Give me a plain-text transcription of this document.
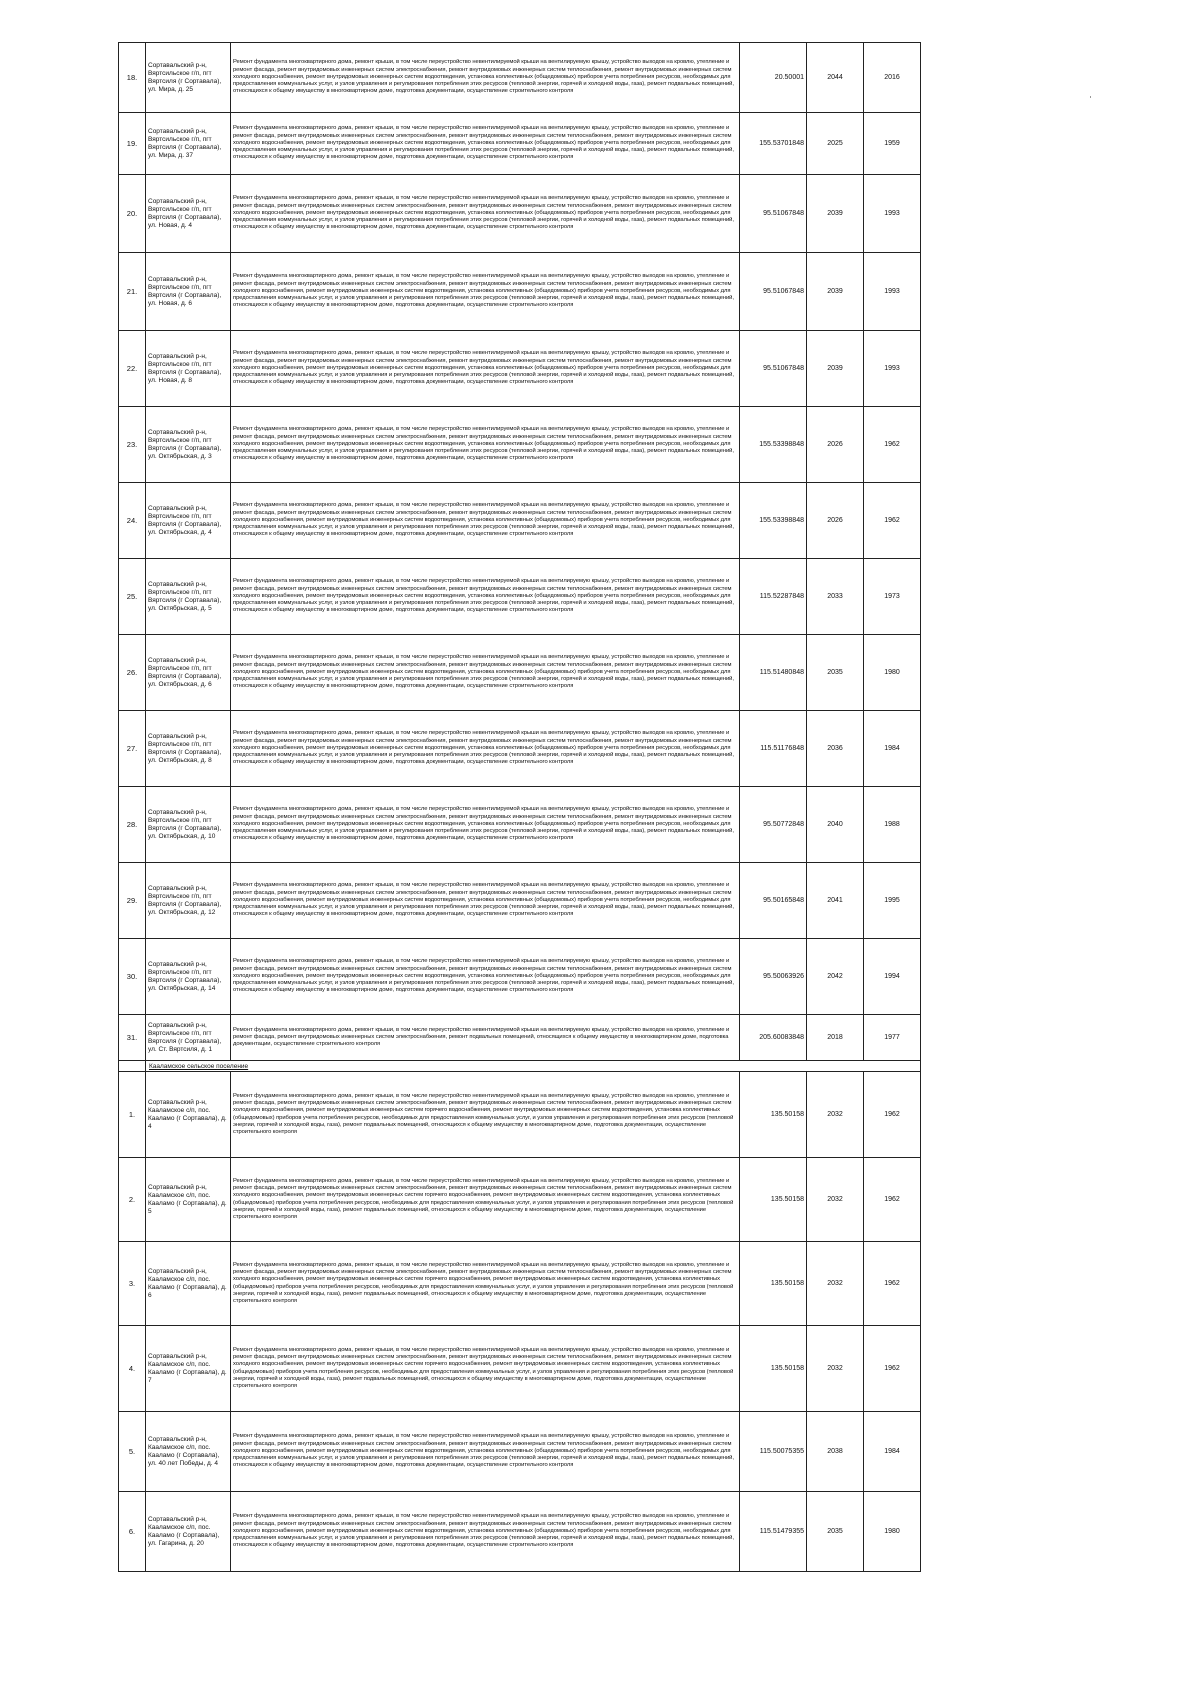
18.	Сортавальский р-н, Вяртсильское г/п, пгт Вяртсиля (г Сортавала), ул. Мира, д. 25	Ремонт фундамента многоквартирного дома, ремонт крыши, в том числе переустройство невентилируемой крыши на вентилируемую крышу, устройство выходов на кровлю, утепление и ремонт фасада, ремонт внутридомовых инженерных систем электроснабжения, ремонт внутридомовых инженерных систем теплоснабжения, ремонт внутридомовых инженерных систем холодного водоснабжения, ремонт внутридомовых инженерных систем водоотведения, установка коллективных (общедомовых) приборов учета потребления ресурсов, необходимых для предоставления коммунальных услуг, и узлов управления и регулирования потребления этих ресурсов (тепловой энергии, горячей и холодной воды, газа), ремонт подвальных помещений, относящихся к общему имуществу в многоквартирном доме, подготовка документации, осуществление строительного контроля	20.50001	2044	2016
19.	Сортавальский р-н, Вяртсильское г/п, пгт Вяртсиля (г Сортавала), ул. Мира, д. 37	Ремонт фундамента многоквартирного дома, ремонт крыши, в том числе переустройство невентилируемой крыши на вентилируемую крышу, устройство выходов на кровлю, утепление и ремонт фасада, ремонт внутридомовых инженерных систем электроснабжения, ремонт внутридомовых инженерных систем теплоснабжения, ремонт внутридомовых инженерных систем холодного водоснабжения, ремонт внутридомовых инженерных систем водоотведения, установка коллективных (общедомовых) приборов учета потребления ресурсов, необходимых для предоставления коммунальных услуг, и узлов управления и регулирования потребления этих ресурсов (тепловой энергии, горячей и холодной воды, газа), ремонт подвальных помещений, относящихся к общему имуществу в многоквартирном доме, подготовка документации, осуществление строительного контроля	155.53701848	2025	1959
20.	Сортавальский р-н, Вяртсильское г/п, пгт Вяртсиля (г Сортавала), ул. Новая, д. 4	Ремонт фундамента многоквартирного дома, ремонт крыши, в том числе переустройство невентилируемой крыши на вентилируемую крышу, устройство выходов на кровлю, утепление и ремонт фасада, ремонт внутридомовых инженерных систем электроснабжения, ремонт внутридомовых инженерных систем теплоснабжения, ремонт внутридомовых инженерных систем холодного водоснабжения, ремонт внутридомовых инженерных систем водоотведения, установка коллективных (общедомовых) приборов учета потребления ресурсов, необходимых для предоставления коммунальных услуг, и узлов управления и регулирования потребления этих ресурсов (тепловой энергии, горячей и холодной воды, газа), ремонт подвальных помещений, относящихся к общему имуществу в многоквартирном доме, подготовка документации, осуществление строительного контроля	95.51067848	2039	1993
21.	Сортавальский р-н, Вяртсильское г/п, пгт Вяртсиля (г Сортавала), ул. Новая, д. 6	Ремонт фундамента многоквартирного дома, ремонт крыши, в том числе переустройство невентилируемой крыши на вентилируемую крышу, устройство выходов на кровлю, утепление и ремонт фасада, ремонт внутридомовых инженерных систем электроснабжения, ремонт внутридомовых инженерных систем теплоснабжения, ремонт внутридомовых инженерных систем холодного водоснабжения, ремонт внутридомовых инженерных систем водоотведения, установка коллективных (общедомовых) приборов учета потребления ресурсов, необходимых для предоставления коммунальных услуг, и узлов управления и регулирования потребления этих ресурсов (тепловой энергии, горячей и холодной воды, газа), ремонт подвальных помещений, относящихся к общему имуществу в многоквартирном доме, подготовка документации, осуществление строительного контроля	95.51067848	2039	1993
22.	Сортавальский р-н, Вяртсильское г/п, пгт Вяртсиля (г Сортавала), ул. Новая, д. 8	Ремонт фундамента многоквартирного дома, ремонт крыши, в том числе переустройство невентилируемой крыши на вентилируемую крышу, устройство выходов на кровлю, утепление и ремонт фасада, ремонт внутридомовых инженерных систем электроснабжения, ремонт внутридомовых инженерных систем теплоснабжения, ремонт внутридомовых инженерных систем холодного водоснабжения, ремонт внутридомовых инженерных систем водоотведения, установка коллективных (общедомовых) приборов учета потребления ресурсов, необходимых для предоставления коммунальных услуг, и узлов управления и регулирования потребления этих ресурсов (тепловой энергии, горячей и холодной воды, газа), ремонт подвальных помещений, относящихся к общему имуществу в многоквартирном доме, подготовка документации, осуществление строительного контроля	95.51067848	2039	1993
23.	Сортавальский р-н, Вяртсильское г/п, пгт Вяртсиля (г Сортавала), ул. Октябрьская, д. 3	Ремонт фундамента многоквартирного дома, ремонт крыши, в том числе переустройство невентилируемой крыши на вентилируемую крышу, устройство выходов на кровлю, утепление и ремонт фасада, ремонт внутридомовых инженерных систем электроснабжения, ремонт внутридомовых инженерных систем теплоснабжения, ремонт внутридомовых инженерных систем холодного водоснабжения, ремонт внутридомовых инженерных систем водоотведения, установка коллективных (общедомовых) приборов учета потребления ресурсов, необходимых для предоставления коммунальных услуг, и узлов управления и регулирования потребления этих ресурсов (тепловой энергии, горячей и холодной воды, газа), ремонт подвальных помещений, относящихся к общему имуществу в многоквартирном доме, подготовка документации, осуществление строительного контроля	155.53398848	2026	1962
24.	Сортавальский р-н, Вяртсильское г/п, пгт Вяртсиля (г Сортавала), ул. Октябрьская, д. 4	Ремонт фундамента многоквартирного дома, ремонт крыши, в том числе переустройство невентилируемой крыши на вентилируемую крышу, устройство выходов на кровлю, утепление и ремонт фасада, ремонт внутридомовых инженерных систем электроснабжения, ремонт внутридомовых инженерных систем теплоснабжения, ремонт внутридомовых инженерных систем холодного водоснабжения, ремонт внутридомовых инженерных систем водоотведения, установка коллективных (общедомовых) приборов учета потребления ресурсов, необходимых для предоставления коммунальных услуг, и узлов управления и регулирования потребления этих ресурсов (тепловой энергии, горячей и холодной воды, газа), ремонт подвальных помещений, относящихся к общему имуществу в многоквартирном доме, подготовка документации, осуществление строительного контроля	155.53398848	2026	1962
25.	Сортавальский р-н, Вяртсильское г/п, пгт Вяртсиля (г Сортавала), ул. Октябрьская, д. 5	Ремонт фундамента многоквартирного дома, ремонт крыши, в том числе переустройство невентилируемой крыши на вентилируемую крышу, устройство выходов на кровлю, утепление и ремонт фасада, ремонт внутридомовых инженерных систем электроснабжения, ремонт внутридомовых инженерных систем теплоснабжения, ремонт внутридомовых инженерных систем холодного водоснабжения, ремонт внутридомовых инженерных систем водоотведения, установка коллективных (общедомовых) приборов учета потребления ресурсов, необходимых для предоставления коммунальных услуг, и узлов управления и регулирования потребления этих ресурсов (тепловой энергии, горячей и холодной воды, газа), ремонт подвальных помещений, относящихся к общему имуществу в многоквартирном доме, подготовка документации, осуществление строительного контроля	115.52287848	2033	1973
26.	Сортавальский р-н, Вяртсильское г/п, пгт Вяртсиля (г Сортавала), ул. Октябрьская, д. 6	Ремонт фундамента многоквартирного дома, ремонт крыши, в том числе переустройство невентилируемой крыши на вентилируемую крышу, устройство выходов на кровлю, утепление и ремонт фасада, ремонт внутридомовых инженерных систем электроснабжения, ремонт внутридомовых инженерных систем теплоснабжения, ремонт внутридомовых инженерных систем холодного водоснабжения, ремонт внутридомовых инженерных систем водоотведения, установка коллективных (общедомовых) приборов учета потребления ресурсов, необходимых для предоставления коммунальных услуг, и узлов управления и регулирования потребления этих ресурсов (тепловой энергии, горячей и холодной воды, газа), ремонт подвальных помещений, относящихся к общему имуществу в многоквартирном доме, подготовка документации, осуществление строительного контроля	115.51480848	2035	1980
27.	Сортавальский р-н, Вяртсильское г/п, пгт Вяртсиля (г Сортавала), ул. Октябрьская, д. 8	Ремонт фундамента многоквартирного дома, ремонт крыши, в том числе переустройство невентилируемой крыши на вентилируемую крышу, устройство выходов на кровлю, утепление и ремонт фасада, ремонт внутридомовых инженерных систем электроснабжения, ремонт внутридомовых инженерных систем теплоснабжения, ремонт внутридомовых инженерных систем холодного водоснабжения, ремонт внутридомовых инженерных систем водоотведения, установка коллективных (общедомовых) приборов учета потребления ресурсов, необходимых для предоставления коммунальных услуг, и узлов управления и регулирования потребления этих ресурсов (тепловой энергии, горячей и холодной воды, газа), ремонт подвальных помещений, относящихся к общему имуществу в многоквартирном доме, подготовка документации, осуществление строительного контроля	115.51176848	2036	1984
28.	Сортавальский р-н, Вяртсильское г/п, пгт Вяртсиля (г Сортавала), ул. Октябрьская, д. 10	Ремонт фундамента многоквартирного дома, ремонт крыши, в том числе переустройство невентилируемой крыши на вентилируемую крышу, устройство выходов на кровлю, утепление и ремонт фасада, ремонт внутридомовых инженерных систем электроснабжения, ремонт внутридомовых инженерных систем теплоснабжения, ремонт внутридомовых инженерных систем холодного водоснабжения, ремонт внутридомовых инженерных систем водоотведения, установка коллективных (общедомовых) приборов учета потребления ресурсов, необходимых для предоставления коммунальных услуг, и узлов управления и регулирования потребления этих ресурсов (тепловой энергии, горячей и холодной воды, газа), ремонт подвальных помещений, относящихся к общему имуществу в многоквартирном доме, подготовка документации, осуществление строительного контроля	95.50772848	2040	1988
29.	Сортавальский р-н, Вяртсильское г/п, пгт Вяртсиля (г Сортавала), ул. Октябрьская, д. 12	Ремонт фундамента многоквартирного дома, ремонт крыши, в том числе переустройство невентилируемой крыши на вентилируемую крышу, устройство выходов на кровлю, утепление и ремонт фасада, ремонт внутридомовых инженерных систем электроснабжения, ремонт внутридомовых инженерных систем теплоснабжения, ремонт внутридомовых инженерных систем холодного водоснабжения, ремонт внутридомовых инженерных систем водоотведения, установка коллективных (общедомовых) приборов учета потребления ресурсов, необходимых для предоставления коммунальных услуг, и узлов управления и регулирования потребления этих ресурсов (тепловой энергии, горячей и холодной воды, газа), ремонт подвальных помещений, относящихся к общему имуществу в многоквартирном доме, подготовка документации, осуществление строительного контроля	95.50165848	2041	1995
30.	Сортавальский р-н, Вяртсильское г/п, пгт Вяртсиля (г Сортавала), ул. Октябрьская, д. 14	Ремонт фундамента многоквартирного дома, ремонт крыши, в том числе переустройство невентилируемой крыши на вентилируемую крышу, устройство выходов на кровлю, утепление и ремонт фасада, ремонт внутридомовых инженерных систем электроснабжения, ремонт внутридомовых инженерных систем теплоснабжения, ремонт внутридомовых инженерных систем холодного водоснабжения, ремонт внутридомовых инженерных систем водоотведения, установка коллективных (общедомовых) приборов учета потребления ресурсов, необходимых для предоставления коммунальных услуг, и узлов управления и регулирования потребления этих ресурсов (тепловой энергии, горячей и холодной воды, газа), ремонт подвальных помещений, относящихся к общему имуществу в многоквартирном доме, подготовка документации, осуществление строительного контроля	95.50063926	2042	1994
31.	Сортавальский р-н, Вяртсильское г/п, пгт Вяртсиля (г Сортавала), ул. Ст. Вяртсиля, д. 1	Ремонт фундамента многоквартирного дома, ремонт крыши, в том числе переустройство невентилируемой крыши на вентилируемую крышу, устройство выходов на кровлю, утепление и ремонт фасада, ремонт внутридомовых инженерных систем электроснабжения, ремонт подвальных помещений, относящихся к общему имуществу в многоквартирном доме, подготовка документации, осуществление строительного контроля	205.60083848	2018	1977
	Кааламское сельское поселение				
1.	Сортавальский р-н, Кааламское с/п, пос. Кааламо (г Сортавала), д. 4	Ремонт фундамента многоквартирного дома, ремонт крыши, в том числе переустройство невентилируемой крыши на вентилируемую крышу, устройство выходов на кровлю, утепление и ремонт фасада, ремонт внутридомовых инженерных систем электроснабжения, ремонт внутридомовых инженерных систем теплоснабжения, ремонт внутридомовых инженерных систем холодного водоснабжения, ремонт внутридомовых инженерных систем горячего водоснабжения, ремонт внутридомовых инженерных систем водоотведения, установка коллективных (общедомовых) приборов учета потребления ресурсов, необходимых для предоставления коммунальных услуг, и узлов управления и регулирования потребления этих ресурсов (тепловой энергии, горячей и холодной воды, газа), ремонт подвальных помещений, относящихся к общему имуществу в многоквартирном доме, подготовка документации, осуществление строительного контроля	135.50158	2032	1962
2.	Сортавальский р-н, Кааламское с/п, пос. Кааламо (г Сортавала), д. 5	Ремонт фундамента многоквартирного дома, ремонт крыши, в том числе переустройство невентилируемой крыши на вентилируемую крышу, устройство выходов на кровлю, утепление и ремонт фасада, ремонт внутридомовых инженерных систем электроснабжения, ремонт внутридомовых инженерных систем теплоснабжения, ремонт внутридомовых инженерных систем холодного водоснабжения, ремонт внутридомовых инженерных систем горячего водоснабжения, ремонт внутридомовых инженерных систем водоотведения, установка коллективных (общедомовых) приборов учета потребления ресурсов, необходимых для предоставления коммунальных услуг, и узлов управления и регулирования потребления этих ресурсов (тепловой энергии, горячей и холодной воды, газа), ремонт подвальных помещений, относящихся к общему имуществу в многоквартирном доме, подготовка документации, осуществление строительного контроля	135.50158	2032	1962
3.	Сортавальский р-н, Кааламское с/п, пос. Кааламо (г Сортавала), д. 6	Ремонт фундамента многоквартирного дома, ремонт крыши, в том числе переустройство невентилируемой крыши на вентилируемую крышу, устройство выходов на кровлю, утепление и ремонт фасада, ремонт внутридомовых инженерных систем электроснабжения, ремонт внутридомовых инженерных систем теплоснабжения, ремонт внутридомовых инженерных систем холодного водоснабжения, ремонт внутридомовых инженерных систем горячего водоснабжения, ремонт внутридомовых инженерных систем водоотведения, установка коллективных (общедомовых) приборов учета потребления ресурсов, необходимых для предоставления коммунальных услуг, и узлов управления и регулирования потребления этих ресурсов (тепловой энергии, горячей и холодной воды, газа), ремонт подвальных помещений, относящихся к общему имуществу в многоквартирном доме, подготовка документации, осуществление строительного контроля	135.50158	2032	1962
4.	Сортавальский р-н, Кааламское с/п, пос. Кааламо (г Сортавала), д. 7	Ремонт фундамента многоквартирного дома, ремонт крыши, в том числе переустройство невентилируемой крыши на вентилируемую крышу, устройство выходов на кровлю, утепление и ремонт фасада, ремонт внутридомовых инженерных систем электроснабжения, ремонт внутридомовых инженерных систем теплоснабжения, ремонт внутридомовых инженерных систем холодного водоснабжения, ремонт внутридомовых инженерных систем горячего водоснабжения, ремонт внутридомовых инженерных систем водоотведения, установка коллективных (общедомовых) приборов учета потребления ресурсов, необходимых для предоставления коммунальных услуг, и узлов управления и регулирования потребления этих ресурсов (тепловой энергии, горячей и холодной воды, газа), ремонт подвальных помещений, относящихся к общему имуществу в многоквартирном доме, подготовка документации, осуществление строительного контроля	135.50158	2032	1962
5.	Сортавальский р-н, Кааламское с/п, пос. Кааламо (г Сортавала), ул. 40 лет Победы, д. 4	Ремонт фундамента многоквартирного дома, ремонт крыши, в том числе переустройство невентилируемой крыши на вентилируемую крышу, устройство выходов на кровлю, утепление и ремонт фасада, ремонт внутридомовых инженерных систем электроснабжения, ремонт внутридомовых инженерных систем теплоснабжения, ремонт внутридомовых инженерных систем холодного водоснабжения, ремонт внутридомовых инженерных систем водоотведения, установка коллективных (общедомовых) приборов учета потребления ресурсов, необходимых для предоставления коммунальных услуг, и узлов управления и регулирования потребления этих ресурсов (тепловой энергии, горячей и холодной воды, газа), ремонт подвальных помещений, относящихся к общему имуществу в многоквартирном доме, подготовка документации, осуществление строительного контроля	115.50075355	2038	1984
6.	Сортавальский р-н, Кааламское с/п, пос. Кааламо (г Сортавала), ул. Гагарина, д. 20	Ремонт фундамента многоквартирного дома, ремонт крыши, в том числе переустройство невентилируемой крыши на вентилируемую крышу, устройство выходов на кровлю, утепление и ремонт фасада, ремонт внутридомовых инженерных систем электроснабжения, ремонт внутридомовых инженерных систем теплоснабжения, ремонт внутридомовых инженерных систем холодного водоснабжения, ремонт внутридомовых инженерных систем водоотведения, установка коллективных (общедомовых) приборов учета потребления ресурсов, необходимых для предоставления коммунальных услуг, и узлов управления и регулирования потребления этих ресурсов (тепловой энергии, горячей и холодной воды, газа), ремонт подвальных помещений, относящихся к общему имуществу в многоквартирном доме, подготовка документации, осуществление строительного контроля	115.51479355	2035	1980
